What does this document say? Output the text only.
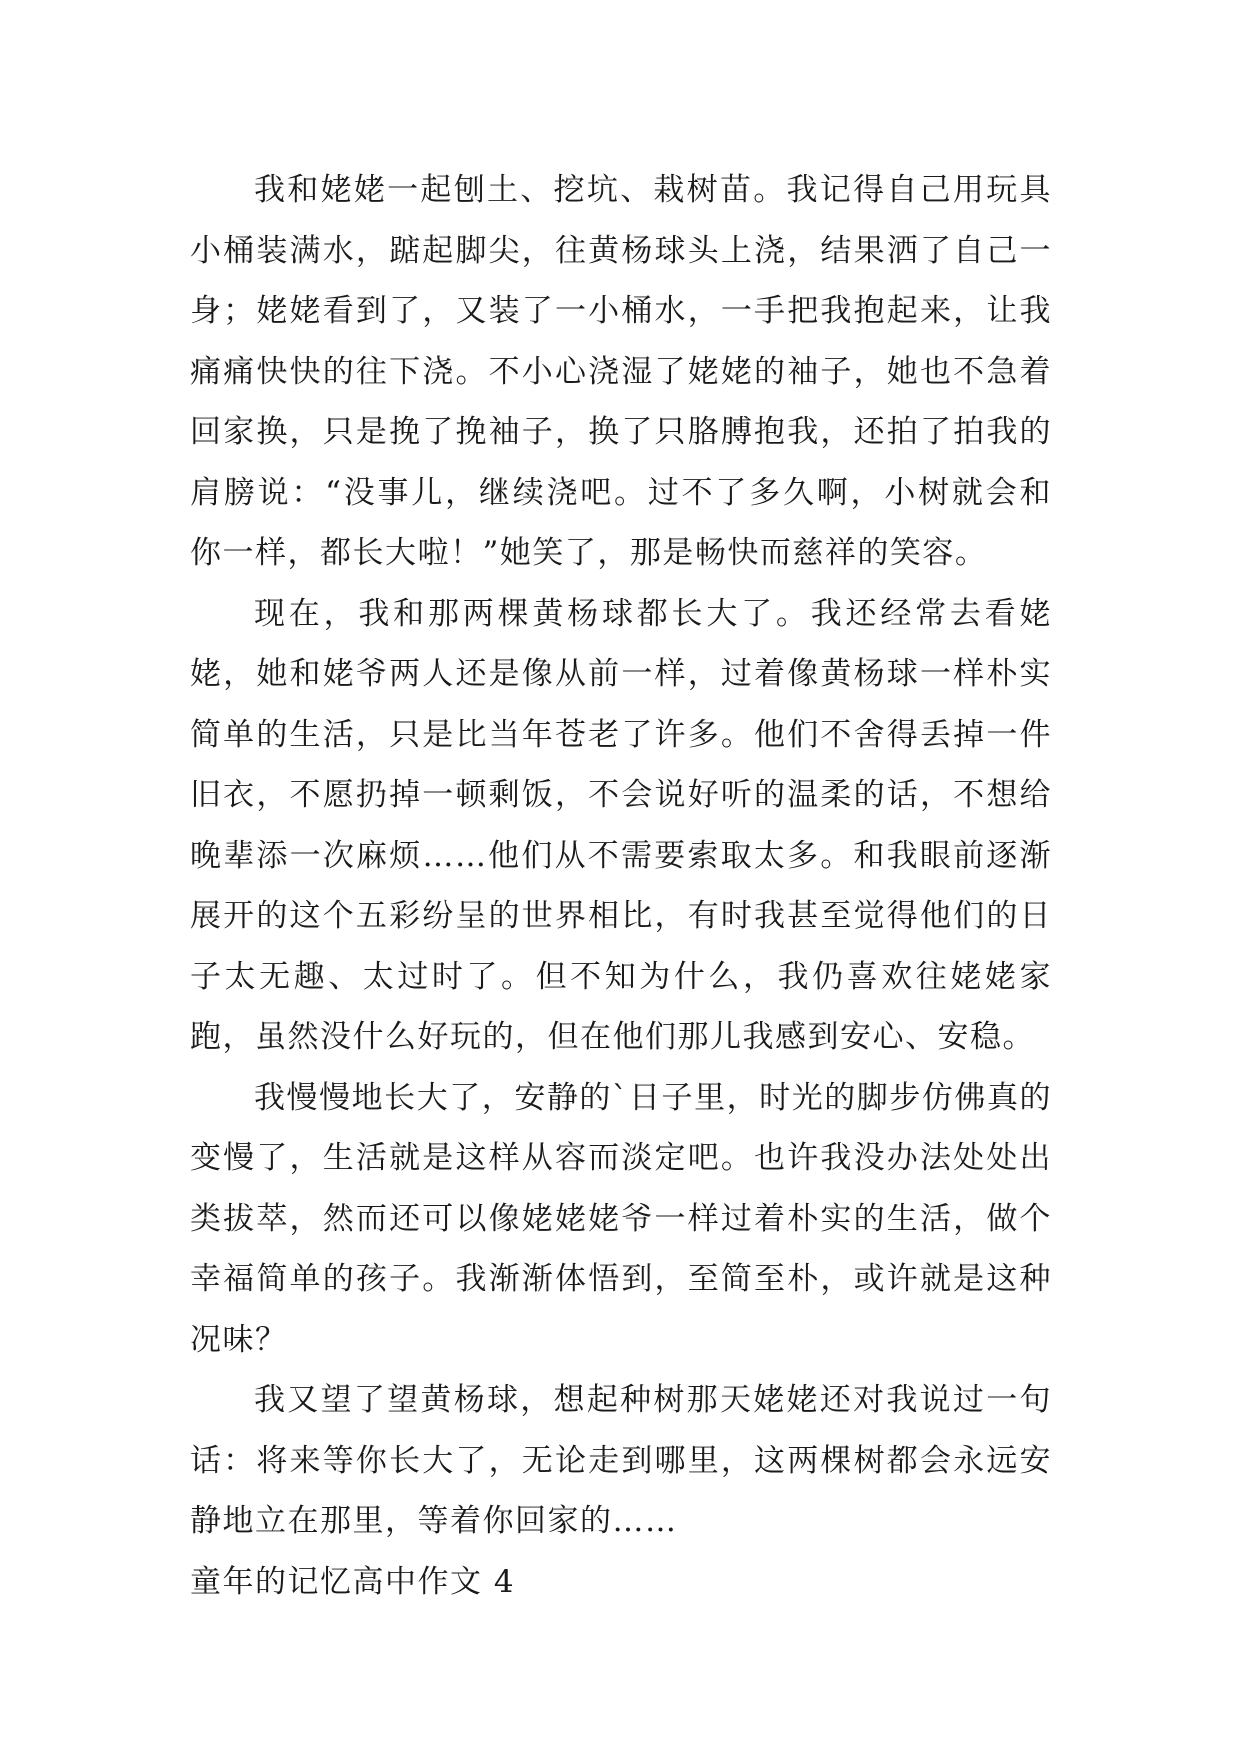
我和姥姥一起刨土、挖坑、栽树苗。我记得自己用玩具小桶装满水，踮起脚尖，往黄杨球头上浇，结果洒了自己一身；姥姥看到了，又装了一小桶水，一手把我抱起来，让我痛痛快快的往下浇。不小心浇湿了姥姥的袖子，她也不急着回家换，只是挽了挽袖子，换了只胳膊抱我，还拍了拍我的肩膀说：“没事儿，继续浇吧。过不了多久啊，小树就会和你一样，都长大啦！”她笑了，那是畅快而慈祥的笑容。

现在，我和那两棵黄杨球都长大了。我还经常去看姥姥，她和姥爷两人还是像从前一样，过着像黄杨球一样朴实简单的生活，只是比当年苍老了许多。他们不舍得丢掉一件旧衣，不愿扔掉一顿剩饭，不会说好听的温柔的话，不想给晚辈添一次麻烦……他们从不需要索取太多。和我眼前逐渐展开的这个五彩纷呈的世界相比，有时我甚至觉得他们的日子太无趣、太过时了。但不知为什么，我仍喜欢往姥姥家跑，虽然没什么好玩的，但在他们那儿我感到安心、安稳。

我慢慢地长大了，安静的`日子里，时光的脚步仿佛真的变慢了，生活就是这样从容而淡定吧。也许我没办法处处出类拔萃，然而还可以像姥姥姥爷一样过着朴实的生活，做个幸福简单的孩子。我渐渐体悟到，至简至朴，或许就是这种况味？

我又望了望黄杨球，想起种树那天姥姥还对我说过一句话：将来等你长大了，无论走到哪里，这两棵树都会永远安静地立在那里，等着你回家的……

童年的记忆高中作文 4
